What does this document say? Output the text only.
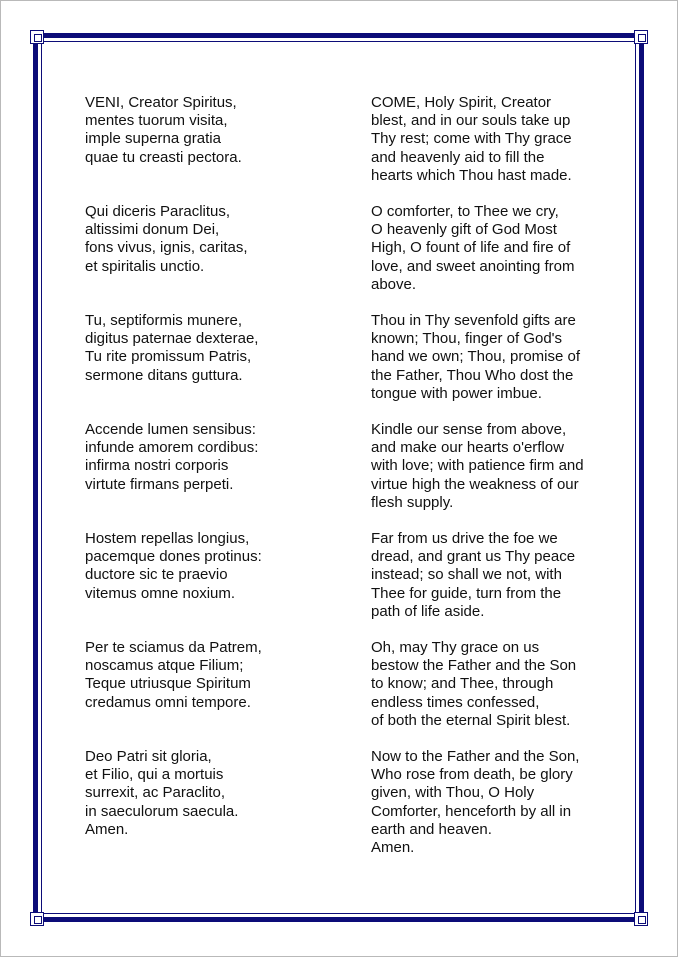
VENI, Creator Spiritus,
mentes tuorum visita,
imple superna gratia
quae tu creasti pectora.

Qui diceris Paraclitus,
altissimi donum Dei,
fons vivus, ignis, caritas,
et spiritalis unctio.

Tu, septiformis munere,
digitus paternae dexterae,
Tu rite promissum Patris,
sermone ditans guttura.

Accende lumen sensibus:
infunde amorem cordibus:
infirma nostri corporis
virtute firmans perpeti.

Hostem repellas longius,
pacemque dones protinus:
ductore sic te praevio
vitemus omne noxium.

Per te sciamus da Patrem,
noscamus atque Filium;
Teque utriusque Spiritum
credamus omni tempore.

Deo Patri sit gloria,
et Filio, qui a mortuis
surrexit, ac Paraclito,
in saeculorum saecula.
Amen.

COME, Holy Spirit, Creator
blest, and in our souls take up
Thy rest; come with Thy grace
and heavenly aid to fill the
hearts which Thou hast made.

O comforter, to Thee we cry,
O heavenly gift of God Most
High, O fount of life and fire of
love, and sweet anointing from
above.

Thou in Thy sevenfold gifts are
known; Thou, finger of God's
hand we own; Thou, promise of
the Father, Thou Who dost the
tongue with power imbue.

Kindle our sense from above,
and make our hearts o'erflow
with love; with patience firm and
virtue high the weakness of our
flesh supply.

Far from us drive the foe we
dread, and grant us Thy peace
instead; so shall we not, with
Thee for guide, turn from the
path of life aside.

Oh, may Thy grace on us
bestow the Father and the Son
to know; and Thee, through
endless times confessed,
of both the eternal Spirit blest.

Now to the Father and the Son,
Who rose from death, be glory
given, with Thou, O Holy
Comforter, henceforth by all in
earth and heaven.
Amen.
